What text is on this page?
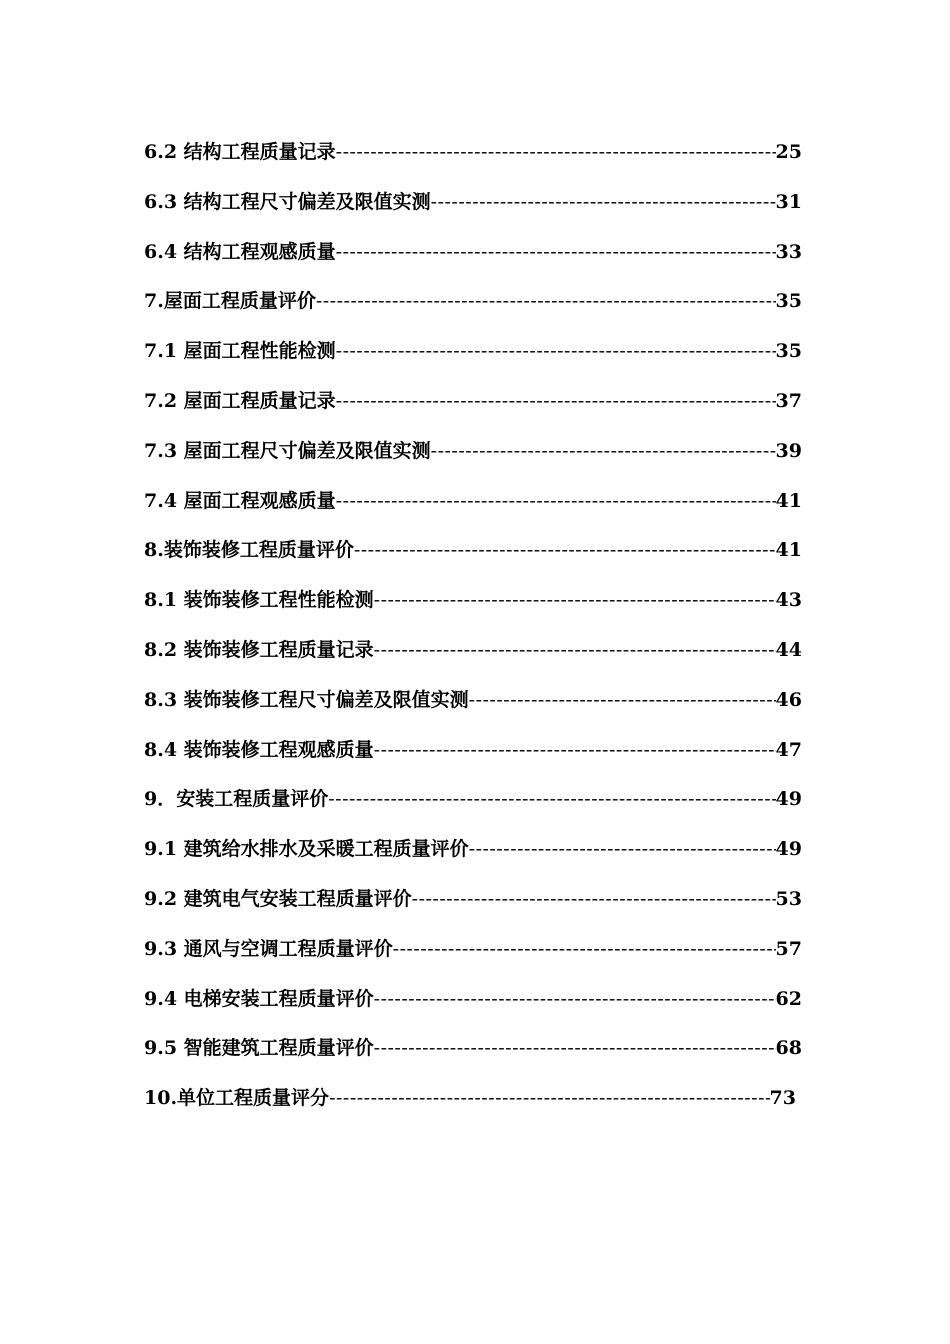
6.2 结构工程质量记录 -----	25
6.3 结构工程尺寸偏差及限值实测 -----	31
6.4 结构工程观感质量 -----	33
7.屋面工程质量评价 -----	35
7.1 屋面工程性能检测 -----	35
7.2 屋面工程质量记录 -----	37
7.3 屋面工程尺寸偏差及限值实测 -----	39
7.4 屋面工程观感质量 -----	41
8.装饰装修工程质量评价 -----	41
8.1 装饰装修工程性能检测 -----	43
8.2 装饰装修工程质量记录 -----	44
8.3 装饰装修工程尺寸偏差及限值实测 -----	46
8.4 装饰装修工程观感质量 -----	47
9．安装工程质量评价 -----	49
9.1 建筑给水排水及采暖工程质量评价 -----	49
9.2 建筑电气安装工程质量评价 -----	53
9.3 通风与空调工程质量评价 -----	57
9.4 电梯安装工程质量评价 -----	62
9.5 智能建筑工程质量评价 -----	68
10.单位工程质量评分 -----	73
